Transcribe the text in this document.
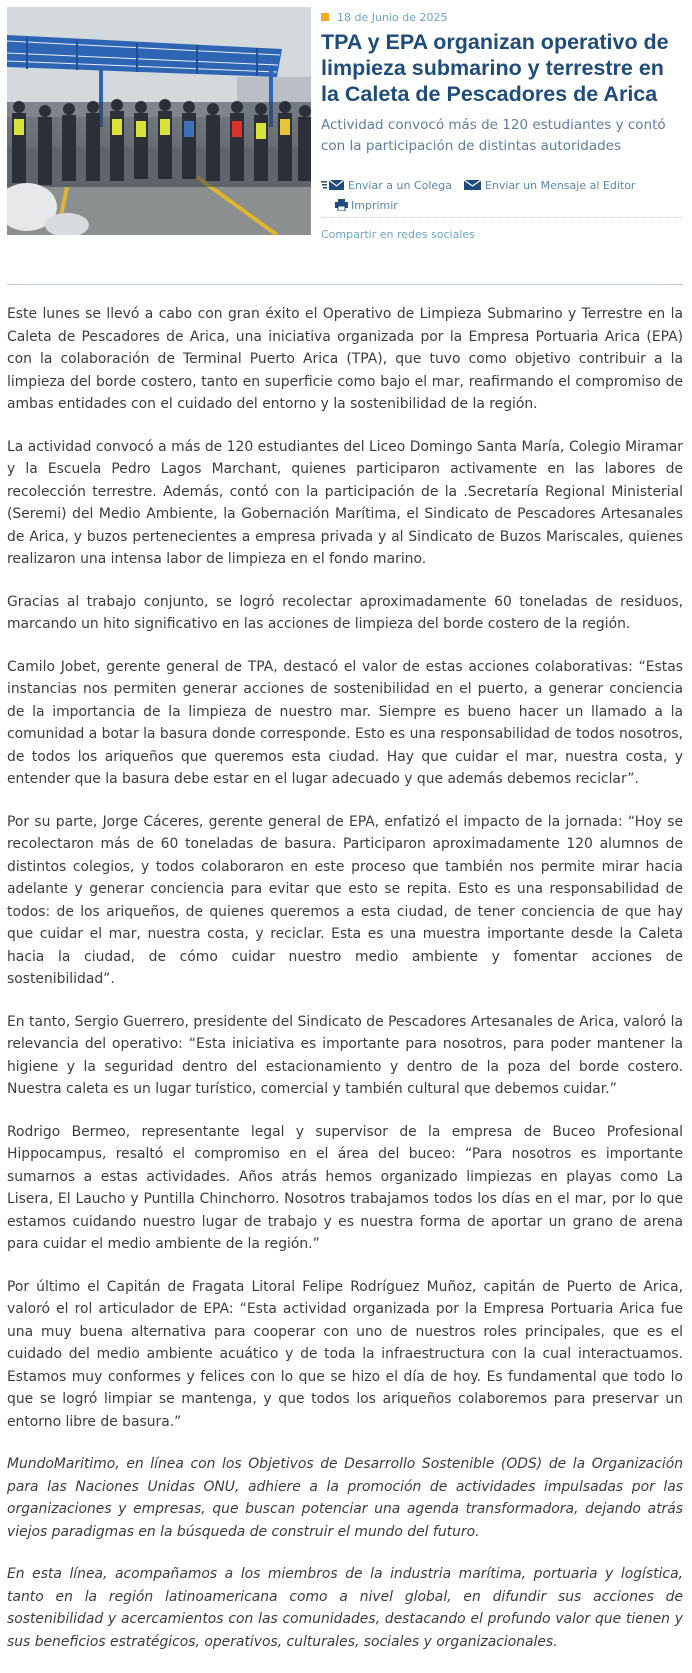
18 de Junio de 2025
TPA y EPA organizan operativo de limpieza submarino y terrestre en la Caleta de Pescadores de Arica

Actividad convocó más de 120 estudiantes y contó con la participación de distintas autoridades

Enviar a un Colega	Enviar un Mensaje al Editor
Imprimir
Compartir en redes sociales

Este lunes se llevó a cabo con gran éxito el Operativo de Limpieza Submarino y Terrestre en la Caleta de Pescadores de Arica, una iniciativa organizada por la Empresa Portuaria Arica (EPA) con la colaboración de Terminal Puerto Arica (TPA), que tuvo como objetivo contribuir a la limpieza del borde costero, tanto en superficie como bajo el mar, reafirmando el compromiso de ambas entidades con el cuidado del entorno y la sostenibilidad de la región.

La actividad convocó a más de 120 estudiantes del Liceo Domingo Santa María, Colegio Miramar y la Escuela Pedro Lagos Marchant, quienes participaron activamente en las labores de recolección terrestre. Además, contó con la participación de la .Secretaría Regional Ministerial (Seremi) del Medio Ambiente, la Gobernación Marítima, el Sindicato de Pescadores Artesanales de Arica, y buzos pertenecientes a empresa privada y al Sindicato de Buzos Mariscales, quienes realizaron una intensa labor de limpieza en el fondo marino.

Gracias al trabajo conjunto, se logró recolectar aproximadamente 60 toneladas de residuos, marcando un hito significativo en las acciones de limpieza del borde costero de la región.

Camilo Jobet, gerente general de TPA, destacó el valor de estas acciones colaborativas: “Estas instancias nos permiten generar acciones de sostenibilidad en el puerto, a generar conciencia de la importancia de la limpieza de nuestro mar. Siempre es bueno hacer un llamado a la comunidad a botar la basura donde corresponde. Esto es una responsabilidad de todos nosotros, de todos los ariqueños que queremos esta ciudad. Hay que cuidar el mar, nuestra costa, y entender que la basura debe estar en el lugar adecuado y que además debemos reciclar”.

Por su parte, Jorge Cáceres, gerente general de EPA, enfatizó el impacto de la jornada: “Hoy se recolectaron más de 60 toneladas de basura. Participaron aproximadamente 120 alumnos de distintos colegios, y todos colaboraron en este proceso que también nos permite mirar hacia adelante y generar conciencia para evitar que esto se repita. Esto es una responsabilidad de todos: de los ariqueños, de quienes queremos a esta ciudad, de tener conciencia de que hay que cuidar el mar, nuestra costa, y reciclar. Esta es una muestra importante desde la Caleta hacia la ciudad, de cómo cuidar nuestro medio ambiente y fomentar acciones de sostenibilidad”.

En tanto, Sergio Guerrero, presidente del Sindicato de Pescadores Artesanales de Arica, valoró la relevancia del operativo: “Esta iniciativa es importante para nosotros, para poder mantener la higiene y la seguridad dentro del estacionamiento y dentro de la poza del borde costero. Nuestra caleta es un lugar turístico, comercial y también cultural que debemos cuidar.”

Rodrigo Bermeo, representante legal y supervisor de la empresa de Buceo Profesional Hippocampus, resaltó el compromiso en el área del buceo: “Para nosotros es importante sumarnos a estas actividades. Años atrás hemos organizado limpiezas en playas como La Lisera, El Laucho y Puntilla Chinchorro. Nosotros trabajamos todos los días en el mar, por lo que estamos cuidando nuestro lugar de trabajo y es nuestra forma de aportar un grano de arena para cuidar el medio ambiente de la región.”

Por último el Capitán de Fragata Litoral Felipe Rodríguez Muñoz, capitán de Puerto de Arica, valoró el rol articulador de EPA: “Esta actividad organizada por la Empresa Portuaria Arica fue una muy buena alternativa para cooperar con uno de nuestros roles principales, que es el cuidado del medio ambiente acuático y de toda la infraestructura con la cual interactuamos. Estamos muy conformes y felices con lo que se hizo el día de hoy. Es fundamental que todo lo que se logró limpiar se mantenga, y que todos los ariqueños colaboremos para preservar un entorno libre de basura.”

MundoMaritimo, en línea con los Objetivos de Desarrollo Sostenible (ODS) de la Organización para las Naciones Unidas ONU, adhiere a la promoción de actividades impulsadas por las organizaciones y empresas, que buscan potenciar una agenda transformadora, dejando atrás viejos paradigmas en la búsqueda de construir el mundo del futuro.

En esta línea, acompañamos a los miembros de la industria marítima, portuaria y logística, tanto en la región latinoamericana como a nivel global, en difundir sus acciones de sostenibilidad y acercamientos con las comunidades, destacando el profundo valor que tienen y sus beneficios estratégicos, operativos, culturales, sociales y organizacionales.
